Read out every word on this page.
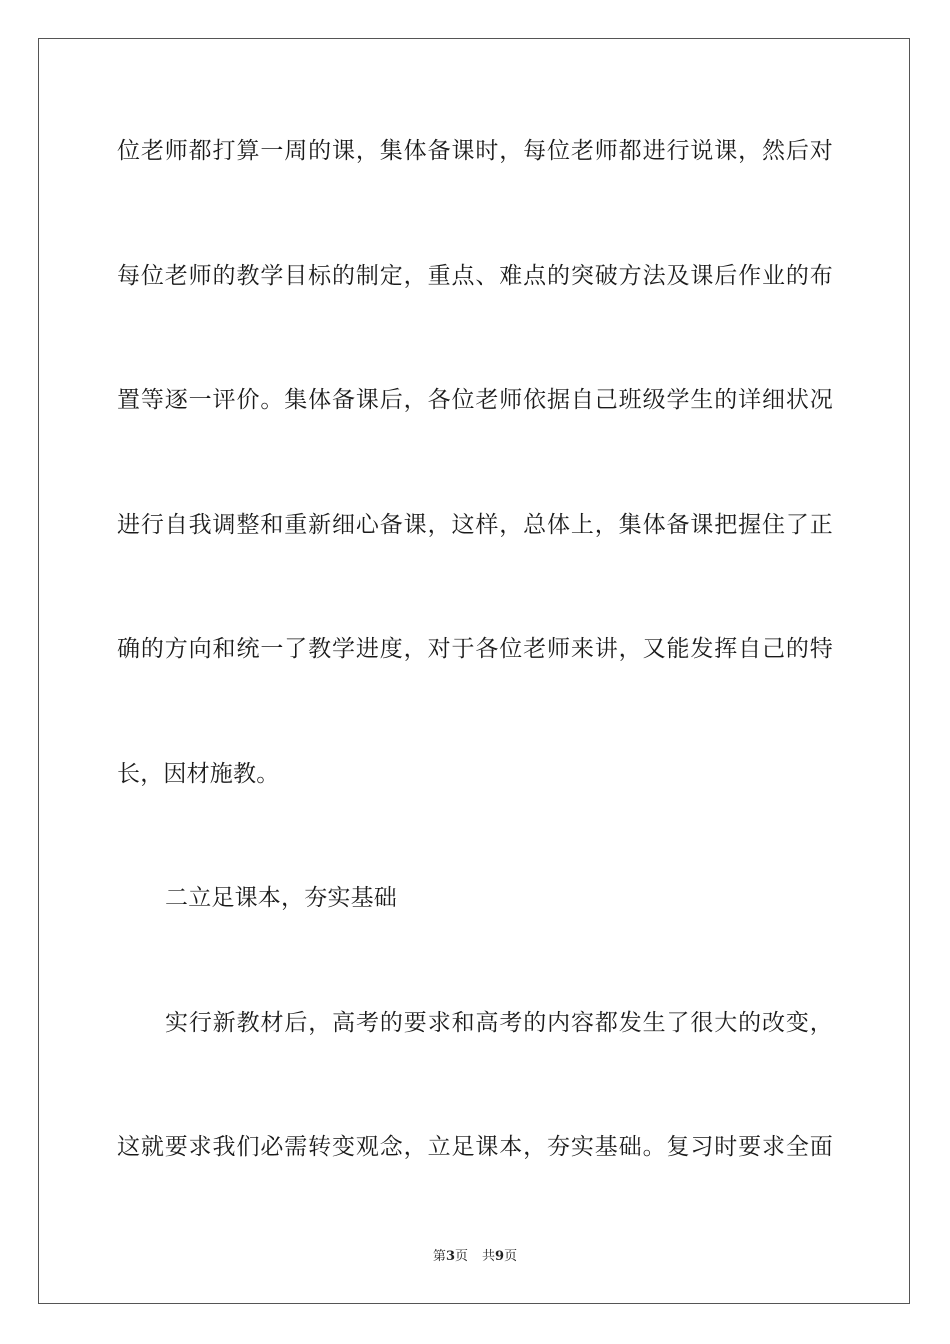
位老师都打算一周的课，集体备课时，每位老师都进行说课，然后对
每位老师的教学目标的制定，重点、难点的突破方法及课后作业的布
置等逐一评价。集体备课后，各位老师依据自己班级学生的详细状况
进行自我调整和重新细心备课，这样，总体上，集体备课把握住了正
确的方向和统一了教学进度，对于各位老师来讲，又能发挥自己的特
长，因材施教。
二立足课本，夯实基础
实行新教材后，高考的要求和高考的内容都发生了很大的改变，
这就要求我们必需转变观念，立足课本，夯实基础。复习时要求全面
第3页 共9页
